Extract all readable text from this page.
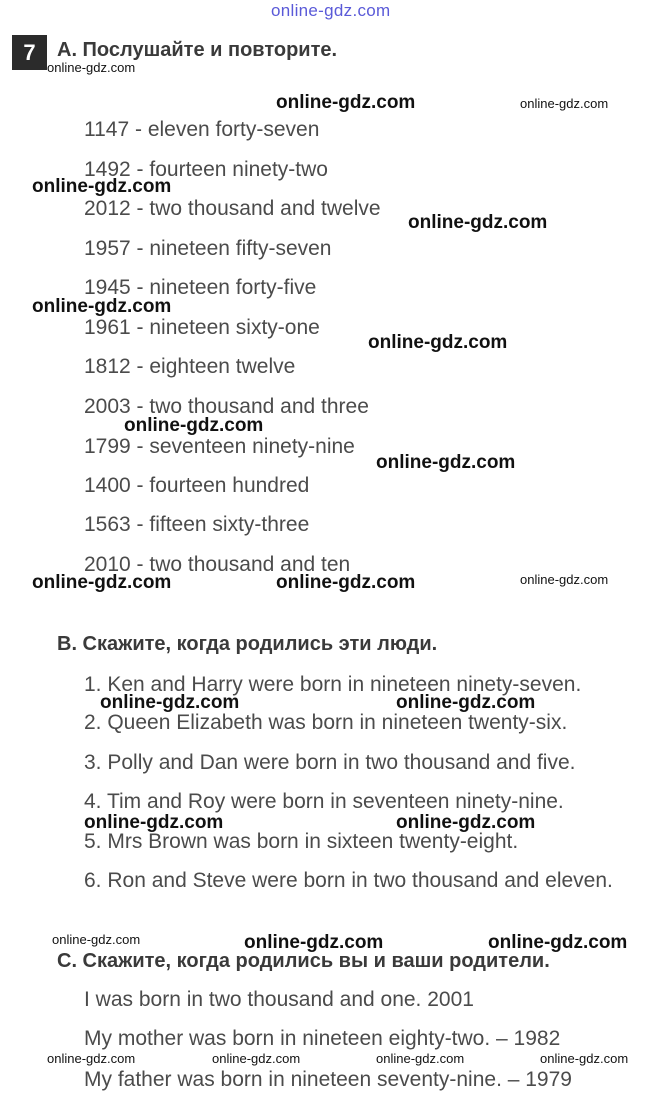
online-gdz.com
7	A. Послушайте и повторите.
1147 - eleven forty-seven
1492 - fourteen ninety-two
2012 - two thousand and twelve
1957 - nineteen fifty-seven
1945 - nineteen forty-five
1961 - nineteen sixty-one
1812 - eighteen twelve
2003 - two thousand and three
1799 - seventeen ninety-nine
1400 - fourteen hundred
1563 - fifteen sixty-three
2010 - two thousand and ten
B. Скажите, когда родились эти люди.
1. Ken and Harry were born in nineteen ninety-seven.
2. Queen Elizabeth was born in nineteen twenty-six.
3. Polly and Dan were born in two thousand and five.
4. Tim and Roy were born in seventeen ninety-nine.
5. Mrs Brown was born in sixteen twenty-eight.
6. Ron and Steve were born in two thousand and eleven.
C. Скажите, когда родились вы и ваши родители.
I was born in two thousand and one. 2001
My mother was born in nineteen eighty-two. – 1982
My father was born in nineteen seventy-nine. – 1979
online-gdz.com
online-gdz.com	online-gdz.com
online-gdz.com
online-gdz.com
online-gdz.com
online-gdz.com
online-gdz.com
online-gdz.com
online-gdz.com	online-gdz.com	online-gdz.com
online-gdz.com	online-gdz.com
online-gdz.com	online-gdz.com
online-gdz.com	online-gdz.com	online-gdz.com
online-gdz.com	online-gdz.com	online-gdz.com	online-gdz.com
